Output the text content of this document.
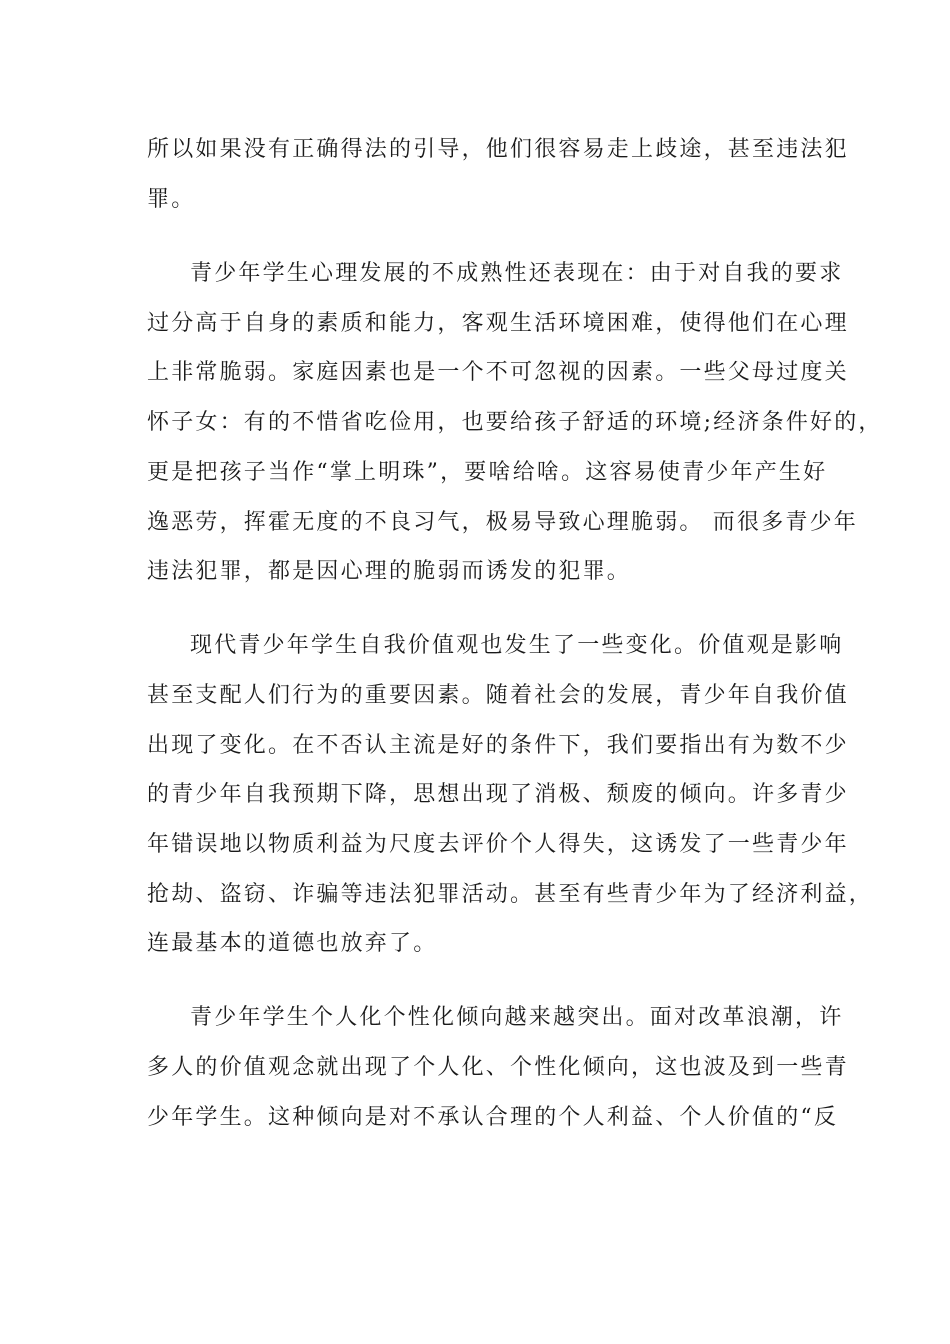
所以如果没有正确得法的引导，他们很容易走上歧途，甚至违法犯
罪。
青少年学生心理发展的不成熟性还表现在：由于对自我的要求
过分高于自身的素质和能力，客观生活环境困难，使得他们在心理
上非常脆弱。家庭因素也是一个不可忽视的因素。一些父母过度关
怀子女：有的不惜省吃俭用，也要给孩子舒适的环境;经济条件好的，
更是把孩子当作“掌上明珠”，要啥给啥。这容易使青少年产生好
逸恶劳，挥霍无度的不良习气，极易导致心理脆弱。 而很多青少年
违法犯罪，都是因心理的脆弱而诱发的犯罪。
现代青少年学生自我价值观也发生了一些变化。价值观是影响
甚至支配人们行为的重要因素。随着社会的发展，青少年自我价值
出现了变化。在不否认主流是好的条件下，我们要指出有为数不少
的青少年自我预期下降，思想出现了消极、颓废的倾向。许多青少
年错误地以物质利益为尺度去评价个人得失，这诱发了一些青少年
抢劫、盗窃、诈骗等违法犯罪活动。甚至有些青少年为了经济利益，
连最基本的道德也放弃了。
青少年学生个人化个性化倾向越来越突出。面对改革浪潮，许
多人的价值观念就出现了个人化、个性化倾向，这也波及到一些青
少年学生。这种倾向是对不承认合理的个人利益、个人价值的“反
